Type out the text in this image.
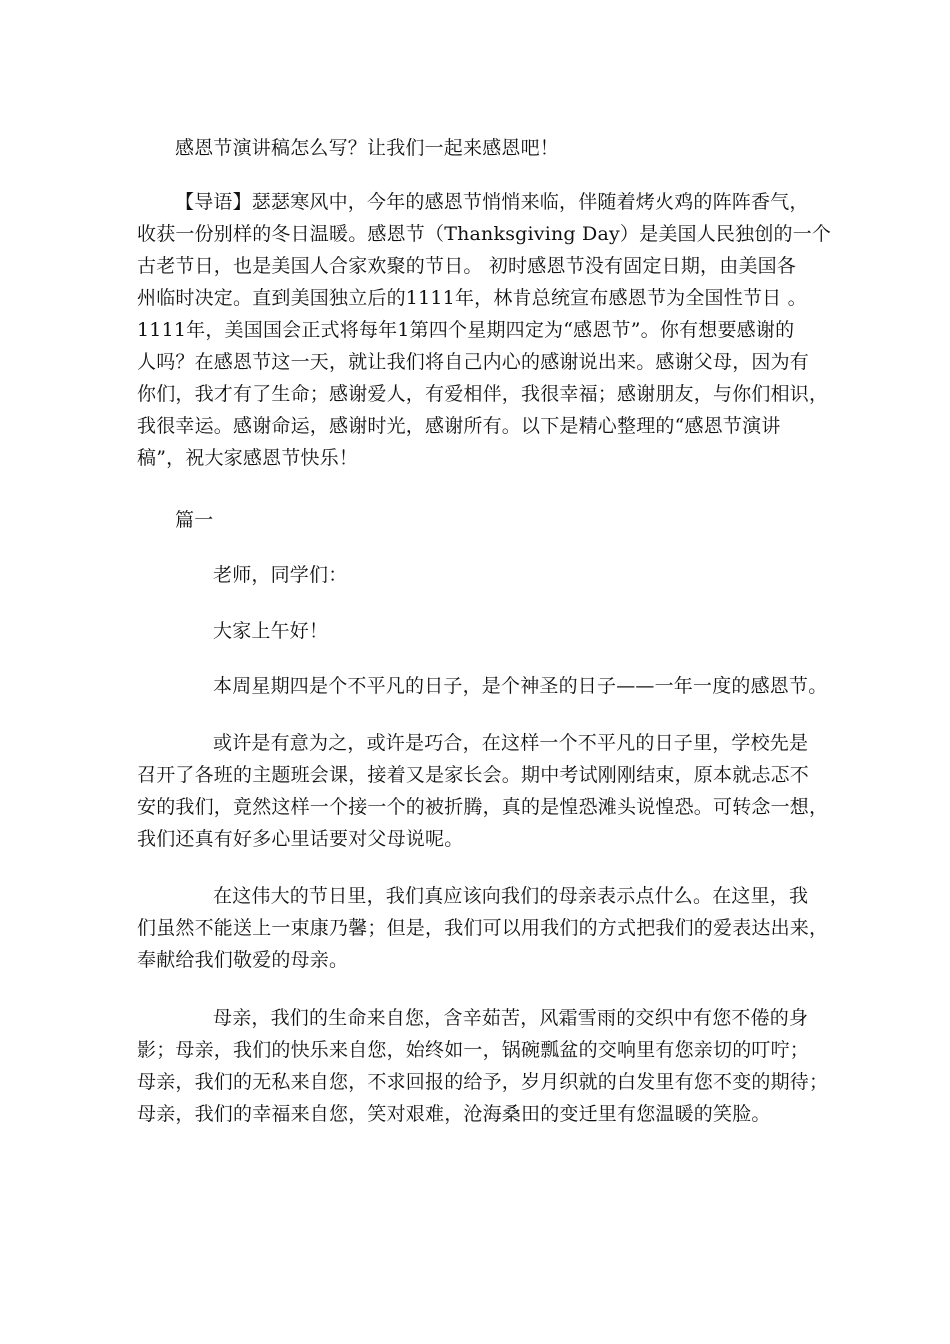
感恩节演讲稿怎么写？让我们一起来感恩吧！
【导语】瑟瑟寒风中，今年的感恩节悄悄来临，伴随着烤火鸡的阵阵香气，
收获一份别样的冬日温暖。感恩节（Thanksgiving Day）是美国人民独创的一个
古老节日，也是美国人合家欢聚的节日。 初时感恩节没有固定日期，由美国各
州临时决定。直到美国独立后的1111年，林肯总统宣布感恩节为全国性节日 。
1111年，美国国会正式将每年1第四个星期四定为“感恩节”。你有想要感谢的
人吗？在感恩节这一天，就让我们将自己内心的感谢说出来。感谢父母，因为有
你们，我才有了生命；感谢爱人，有爱相伴，我很幸福；感谢朋友，与你们相识，
我很幸运。感谢命运，感谢时光，感谢所有。以下是精心整理的“感恩节演讲
稿”，祝大家感恩节快乐！
篇一
老师，同学们：
大家上午好！
本周星期四是个不平凡的日子，是个神圣的日子——一年一度的感恩节。
或许是有意为之，或许是巧合，在这样一个不平凡的日子里，学校先是
召开了各班的主题班会课，接着又是家长会。期中考试刚刚结束，原本就忐忑不
安的我们，竟然这样一个接一个的被折腾，真的是惶恐滩头说惶恐。可转念一想，
我们还真有好多心里话要对父母说呢。
在这伟大的节日里，我们真应该向我们的母亲表示点什么。在这里，我
们虽然不能送上一束康乃馨；但是，我们可以用我们的方式把我们的爱表达出来，
奉献给我们敬爱的母亲。
母亲，我们的生命来自您，含辛茹苦，风霜雪雨的交织中有您不倦的身
影；母亲，我们的快乐来自您，始终如一，锅碗瓢盆的交响里有您亲切的叮咛；
母亲，我们的无私来自您，不求回报的给予，岁月织就的白发里有您不变的期待；
母亲，我们的幸福来自您，笑对艰难，沧海桑田的变迁里有您温暖的笑脸。
